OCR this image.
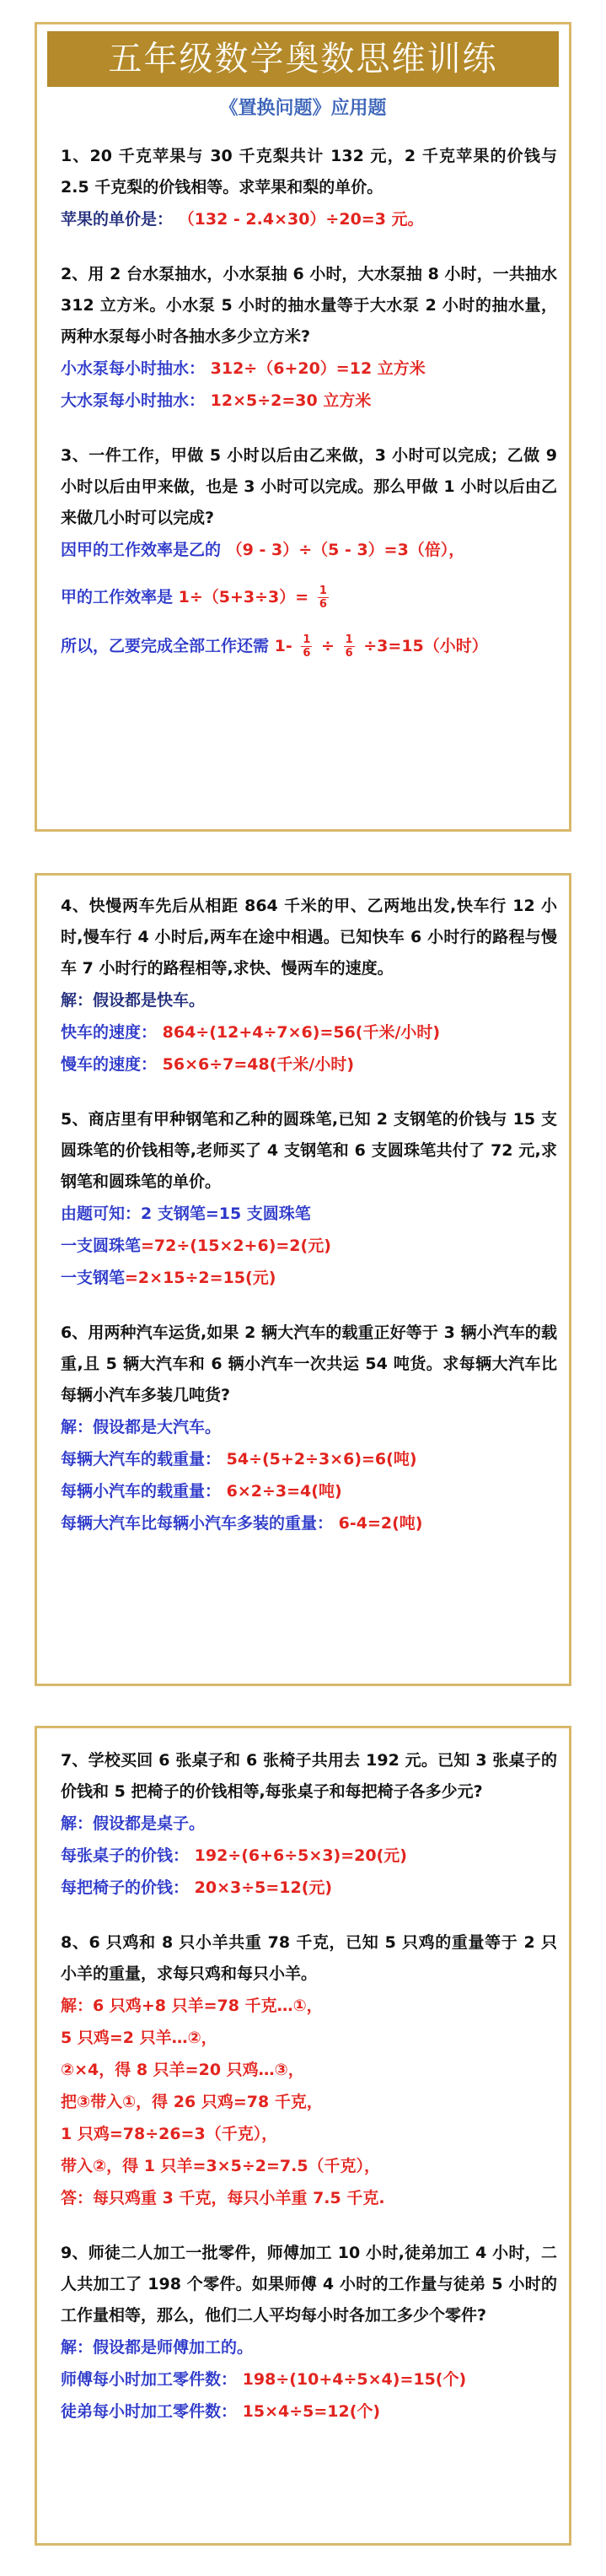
五年级数学奥数思维训练
《置换问题》应用题
1、20 千克苹果与 30 千克梨共计 132 元，2 千克苹果的价钱与 2.5 千克梨的价钱相等。求苹果和梨的单价。
苹果的单价是： （132 - 2.4×30）÷20=3 元。
2、用 2 台水泵抽水，小水泵抽 6 小时，大水泵抽 8 小时，一共抽水 312 立方米。小水泵 5 小时的抽水量等于大水泵 2 小时的抽水量，两种水泵每小时各抽水多少立方米?
小水泵每小时抽水： 312÷（6+20）=12 立方米
大水泵每小时抽水： 12×5÷2=30 立方米
3、一件工作，甲做 5 小时以后由乙来做，3 小时可以完成；乙做 9 小时以后由甲来做，也是 3 小时可以完成。那么甲做 1 小时以后由乙来做几小时可以完成?
因甲的工作效率是乙的 （9 - 3）÷（5 - 3）=3（倍），
甲的工作效率是 $1\div(5+3\div 3)= \frac{1}{6}$
所以，乙要完成全部工作还需 $1- \frac{1}{6} \div \frac{1}{6} \div 3=15$（小时）
4、快慢两车先后从相距 864 千米的甲、乙两地出发,快车行 12 小时,慢车行 4 小时后,两车在途中相遇。已知快车 6 小时行的路程与慢车 7 小时行的路程相等,求快、慢两车的速度。
解：假设都是快车。
快车的速度： 864÷(12+4÷7×6)=56(千米/小时)
慢车的速度： 56×6÷7=48(千米/小时)
5、商店里有甲种钢笔和乙种的圆珠笔,已知 2 支钢笔的价钱与 15 支圆珠笔的价钱相等,老师买了 4 支钢笔和 6 支圆珠笔共付了 72 元,求钢笔和圆珠笔的单价。
由题可知：2 支钢笔=15 支圆珠笔
一支圆珠笔=72÷(15×2+6)=2(元)
一支钢笔=2×15÷2=15(元)
6、用两种汽车运货,如果 2 辆大汽车的载重正好等于 3 辆小汽车的载重,且 5 辆大汽车和 6 辆小汽车一次共运 54 吨货。求每辆大汽车比每辆小汽车多装几吨货?
解：假设都是大汽车。
每辆大汽车的载重量： 54÷(5+2÷3×6)=6(吨)
每辆小汽车的载重量： 6×2÷3=4(吨)
每辆大汽车比每辆小汽车多装的重量： 6-4=2(吨)
7、学校买回 6 张桌子和 6 张椅子共用去 192 元。已知 3 张桌子的价钱和 5 把椅子的价钱相等,每张桌子和每把椅子各多少元?
解：假设都是桌子。
每张桌子的价钱： 192÷(6+6÷5×3)=20(元)
每把椅子的价钱： 20×3÷5=12(元)
8、6 只鸡和 8 只小羊共重 78 千克，已知 5 只鸡的重量等于 2 只小羊的重量，求每只鸡和每只小羊。
解：6 只鸡+8 只羊=78 千克…①，
5 只鸡=2 只羊…②，
②×4，得 8 只羊=20 只鸡…③，
把③带入①，得 26 只鸡=78 千克，
1 只鸡=78÷26=3（千克），
带入②，得 1 只羊=3×5÷2=7.5（千克），
答：每只鸡重 3 千克，每只小羊重 7.5 千克.
9、师徒二人加工一批零件，师傅加工 10 小时,徒弟加工 4 小时，二人共加工了 198 个零件。如果师傅 4 小时的工作量与徒弟 5 小时的工作量相等，那么，他们二人平均每小时各加工多少个零件?
解：假设都是师傅加工的。
师傅每小时加工零件数： 198÷(10+4÷5×4)=15(个)
徒弟每小时加工零件数： 15×4÷5=12(个)
